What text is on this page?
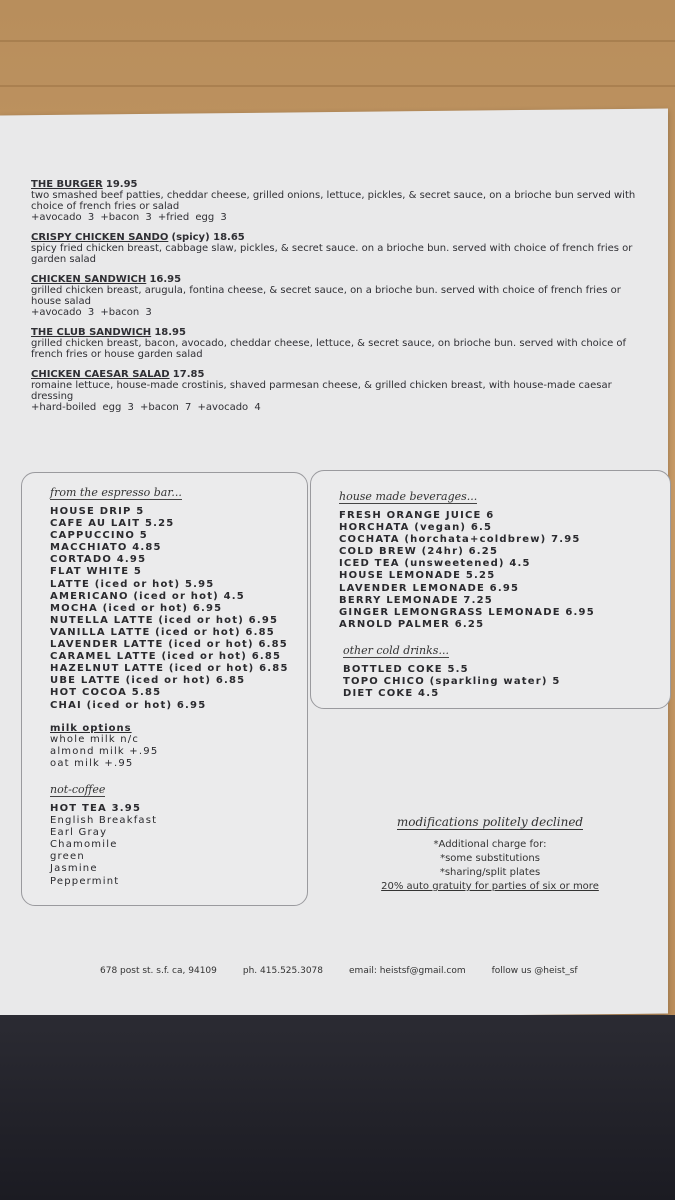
THE BURGER 19.95
two smashed beef patties, cheddar cheese, grilled onions, lettuce, pickles, & secret sauce, on a brioche bun served with choice of french fries or salad
+avocado 3 +bacon 3 +fried egg 3
CRISPY CHICKEN SANDO (spicy) 18.65
spicy fried chicken breast, cabbage slaw, pickles, & secret sauce. on a brioche bun. served with choice of french fries or garden salad
CHICKEN SANDWICH 16.95
grilled chicken breast, arugula, fontina cheese, & secret sauce, on a brioche bun. served with choice of french fries or house salad
+avocado 3 +bacon 3
THE CLUB SANDWICH 18.95
grilled chicken breast, bacon, avocado, cheddar cheese, lettuce, & secret sauce, on brioche bun. served with choice of french fries or house garden salad
CHICKEN CAESAR SALAD 17.85
romaine lettuce, house-made crostinis, shaved parmesan cheese, & grilled chicken breast, with house-made caesar dressing
+hard-boiled egg 3 +bacon 7 +avocado 4
from the espresso bar...
HOUSE DRIP 5
CAFE AU LAIT 5.25
CAPPUCCINO 5
MACCHIATO 4.85
CORTADO 4.95
FLAT WHITE 5
LATTE (iced or hot) 5.95
AMERICANO (iced or hot) 4.5
MOCHA (iced or hot) 6.95
NUTELLA LATTE (iced or hot) 6.95
VANILLA LATTE (iced or hot) 6.85
LAVENDER LATTE (iced or hot) 6.85
CARAMEL LATTE (iced or hot) 6.85
HAZELNUT LATTE (iced or hot) 6.85
UBE LATTE (iced or hot) 6.85
HOT COCOA 5.85
CHAI (iced or hot) 6.95
milk options
whole milk n/c
almond milk +.95
oat milk +.95
not-coffee
HOT TEA 3.95
English Breakfast
Earl Gray
Chamomile
green
Jasmine
Peppermint
house made beverages...
FRESH ORANGE JUICE 6
HORCHATA (vegan) 6.5
COCHATA (horchata+coldbrew) 7.95
COLD BREW (24hr) 6.25
ICED TEA (unsweetened) 4.5
HOUSE LEMONADE 5.25
LAVENDER LEMONADE 6.95
BERRY LEMONADE 7.25
GINGER LEMONGRASS LEMONADE 6.95
ARNOLD PALMER 6.25
other cold drinks...
BOTTLED COKE 5.5
TOPO CHICO (sparkling water) 5
DIET COKE 4.5
modifications politely declined
*Additional charge for:
*some substitutions
*sharing/split plates
20% auto gratuity for parties of six or more
678 post st. s.f. ca, 94109	ph. 415.525.3078	email: heistsf@gmail.com	follow us @heist_sf
